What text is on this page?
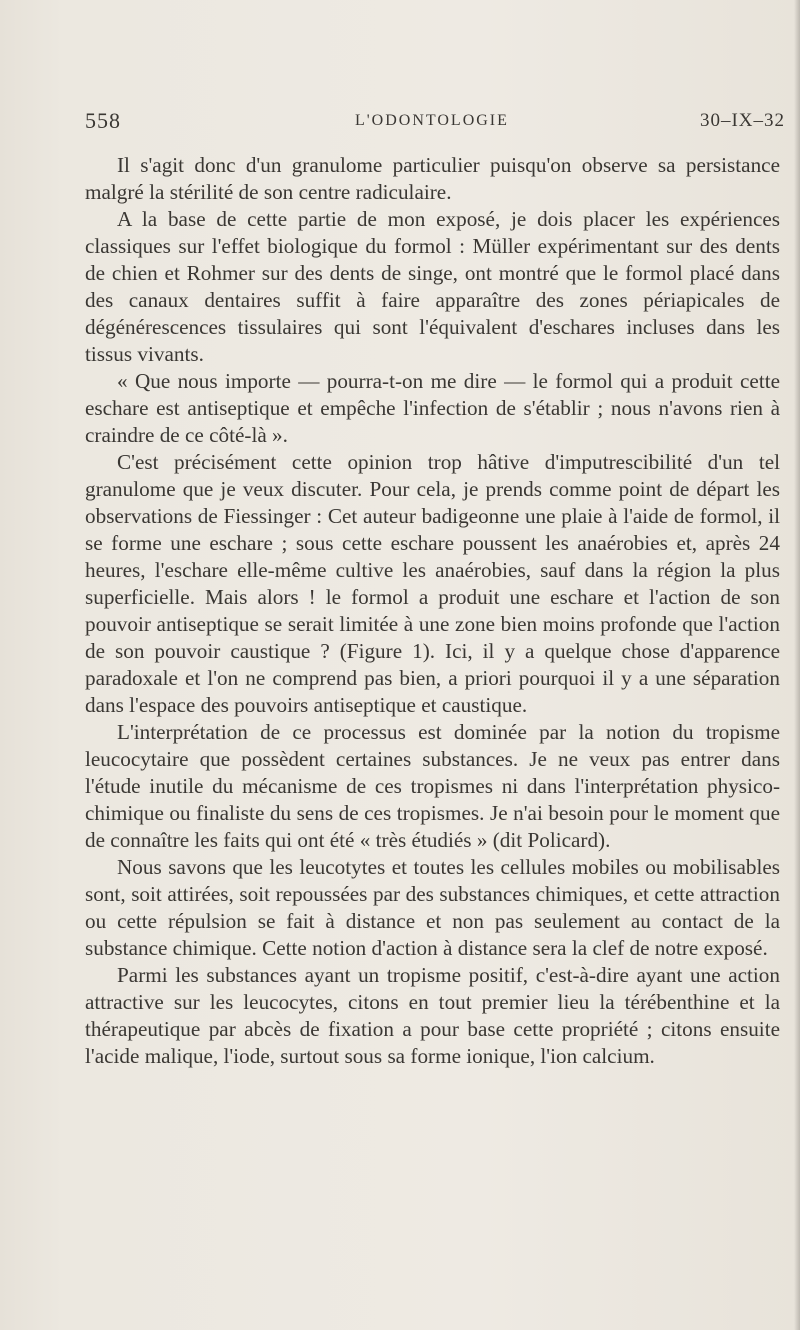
558	L'ODONTOLOGIE	30–IX–32

Il s'agit donc d'un granulome particulier puisqu'on observe sa persistance malgré la stérilité de son centre radiculaire.

A la base de cette partie de mon exposé, je dois placer les expériences classiques sur l'effet biologique du formol : Müller expérimentant sur des dents de chien et Rohmer sur des dents de singe, ont montré que le formol placé dans des canaux dentaires suffit à faire apparaître des zones périapicales de dégénérescences tissulaires qui sont l'équivalent d'eschares incluses dans les tissus vivants.

« Que nous importe — pourra-t-on me dire — le formol qui a produit cette eschare est antiseptique et empêche l'infection de s'établir ; nous n'avons rien à craindre de ce côté-là ».

C'est précisément cette opinion trop hâtive d'imputrescibilité d'un tel granulome que je veux discuter. Pour cela, je prends comme point de départ les observations de Fiessinger : Cet auteur badigeonne une plaie à l'aide de formol, il se forme une eschare ; sous cette eschare poussent les anaérobies et, après 24 heures, l'eschare elle-même cultive les anaérobies, sauf dans la région la plus superficielle. Mais alors ! le formol a produit une eschare et l'action de son pouvoir antiseptique se serait limitée à une zone bien moins profonde que l'action de son pouvoir caustique ? (Figure 1). Ici, il y a quelque chose d'apparence paradoxale et l'on ne comprend pas bien, a priori pourquoi il y a une séparation dans l'espace des pouvoirs antiseptique et caustique.

L'interprétation de ce processus est dominée par la notion du tropisme leucocytaire que possèdent certaines substances. Je ne veux pas entrer dans l'étude inutile du mécanisme de ces tropismes ni dans l'interprétation physico-chimique ou finaliste du sens de ces tropismes. Je n'ai besoin pour le moment que de connaître les faits qui ont été « très étudiés » (dit Policard).

Nous savons que les leucotytes et toutes les cellules mobiles ou mobilisables sont, soit attirées, soit repoussées par des substances chimiques, et cette attraction ou cette répulsion se fait à distance et non pas seulement au contact de la substance chimique. Cette notion d'action à distance sera la clef de notre exposé.

Parmi les substances ayant un tropisme positif, c'est-à-dire ayant une action attractive sur les leucocytes, citons en tout premier lieu la térébenthine et la thérapeutique par abcès de fixation a pour base cette propriété ; citons ensuite l'acide malique, l'iode, surtout sous sa forme ionique, l'ion calcium.
